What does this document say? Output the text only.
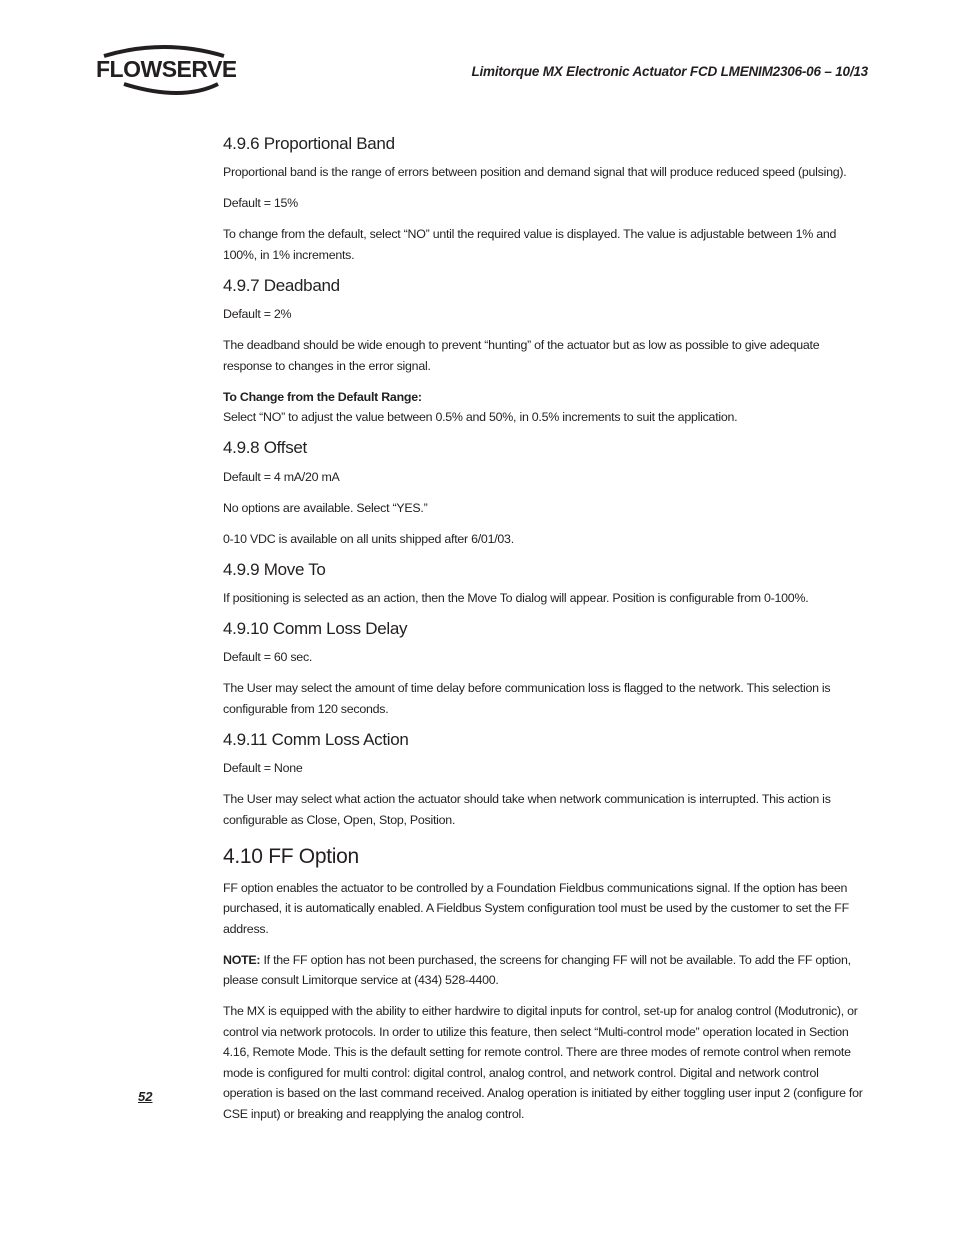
FLOWSERVE	Limitorque MX Electronic Actuator FCD LMENIM2306-06 – 10/13
4.9.6 Proportional Band

Proportional band is the range of errors between position and demand signal that will produce reduced speed (pulsing).

Default = 15%

To change from the default, select “NO” until the required value is displayed. The value is adjustable between 1% and 100%, in 1% increments.

4.9.7 Deadband

Default = 2%

The deadband should be wide enough to prevent “hunting” of the actuator but as low as possible to give adequate response to changes in the error signal.

To Change from the Default Range:

Select “NO” to adjust the value between 0.5% and 50%, in 0.5% increments to suit the application.

4.9.8 Offset

Default = 4 mA/20 mA

No options are available. Select “YES.”

0-10 VDC is available on all units shipped after 6/01/03.

4.9.9 Move To

If positioning is selected as an action, then the Move To dialog will appear. Position is configurable from 0-100%.

4.9.10 Comm Loss Delay

Default = 60 sec.

The User may select the amount of time delay before communication loss is flagged to the network. This selection is configurable from 120 seconds.

4.9.11 Comm Loss Action

Default = None

The User may select what action the actuator should take when network communication is interrupted. This action is configurable as Close, Open, Stop, Position.

4.10 FF Option

FF option enables the actuator to be controlled by a Foundation Fieldbus communications signal. If the option has been purchased, it is automatically enabled. A Fieldbus System configuration tool must be used by the customer to set the FF address.

NOTE: If the FF option has not been purchased, the screens for changing FF will not be available. To add the FF option, please consult Limitorque service at (434) 528-4400.

The MX is equipped with the ability to either hardwire to digital inputs for control, set-up for analog control (Modutronic), or control via network protocols. In order to utilize this feature, then select “Multi-control mode” operation located in Section 4.16, Remote Mode. This is the default setting for remote control. There are three modes of remote control when remote mode is configured for multi control: digital control, analog control, and network control. Digital and network control operation is based on the last command received. Analog operation is initiated by either toggling user input 2 (configure for CSE input) or breaking and reapplying the analog control.

52
